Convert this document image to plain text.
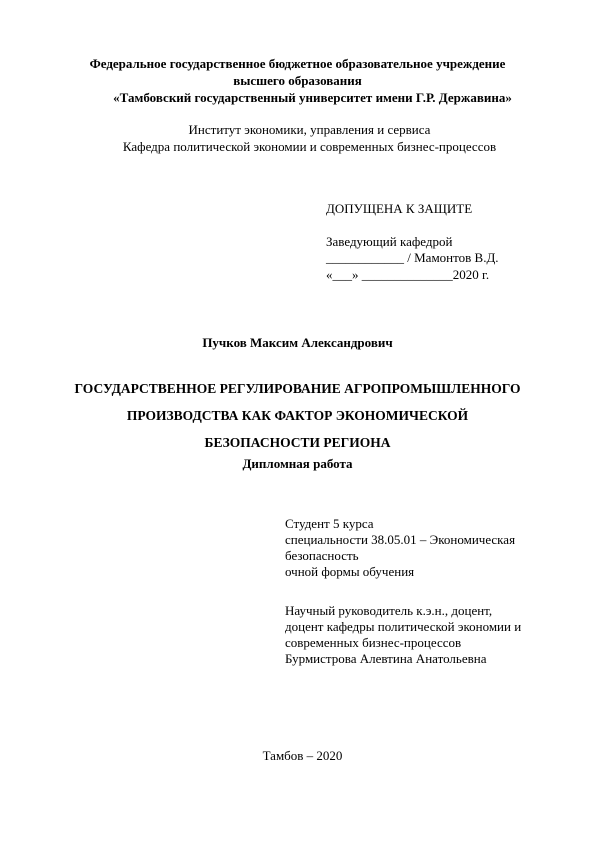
Федеральное государственное бюджетное образовательное учреждение
высшего образования
«Тамбовский государственный университет имени Г.Р. Державина»
Институт экономики, управления и сервиса
Кафедра политической экономии и современных бизнес-процессов
ДОПУЩЕНА К ЗАЩИТЕ
Заведующий кафедрой
____________ / Мамонтов В.Д.
«___» ______________2020 г.
Пучков Максим Александрович
ГОСУДАРСТВЕННОЕ РЕГУЛИРОВАНИЕ АГРОПРОМЫШЛЕННОГО
ПРОИЗВОДСТВА КАК ФАКТОР ЭКОНОМИЧЕСКОЙ
БЕЗОПАСНОСТИ РЕГИОНА
Дипломная работа
Студент 5 курса
специальности 38.05.01 – Экономическая
безопасность
очной формы обучения
Научный руководитель к.э.н., доцент,
доцент кафедры политической экономии и
современных бизнес-процессов
Бурмистрова Алевтина Анатольевна
Тамбов – 2020
